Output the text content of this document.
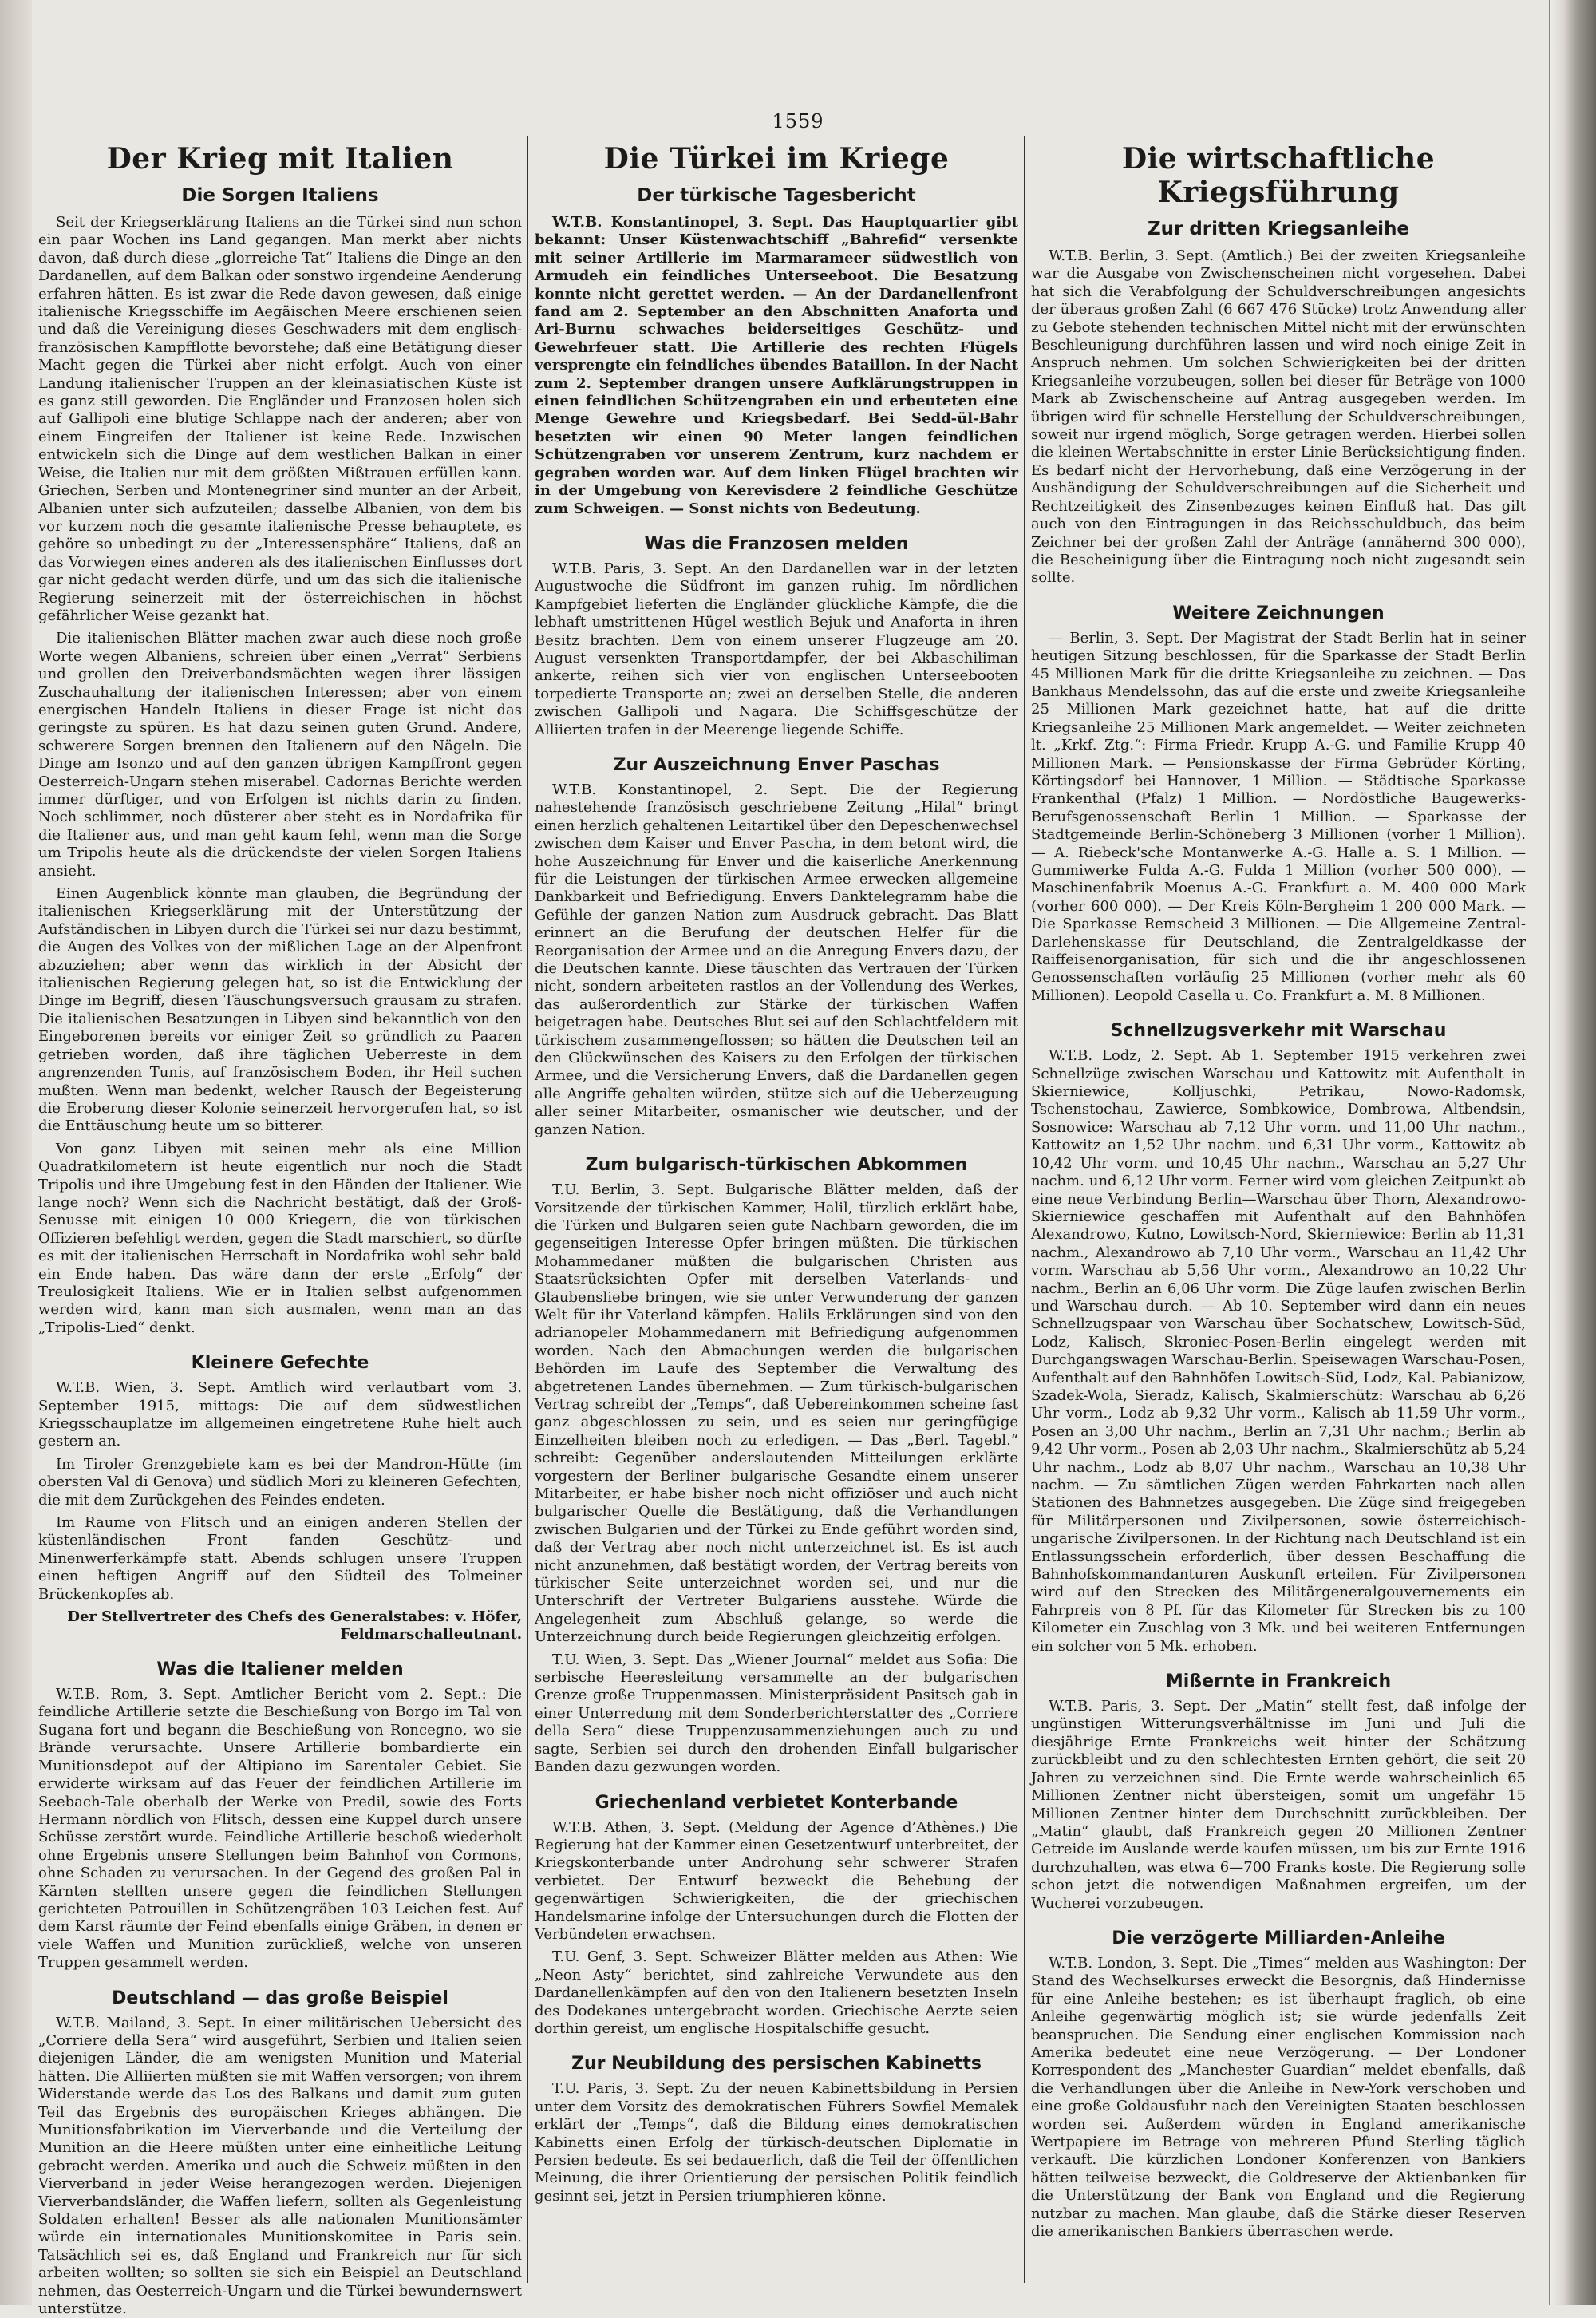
1559
Der Krieg mit Italien
Die Sorgen Italiens

Seit der Kriegserklärung Italiens an die Türkei sind nun schon ein paar Wochen ins Land gegangen. Man merkt aber nichts davon, daß durch diese „glorreiche Tat“ Italiens die Dinge an den Dardanellen, auf dem Balkan oder sonstwo irgendeine Aenderung erfahren hätten. Es ist zwar die Rede davon gewesen, daß einige italienische Kriegsschiffe im Aegäischen Meere erschienen seien und daß die Vereinigung dieses Geschwaders mit dem englisch-französischen Kampfflotte bevorstehe; daß eine Betätigung dieser Macht gegen die Türkei aber nicht erfolgt. Auch von einer Landung italienischer Truppen an der kleinasiatischen Küste ist es ganz still geworden. Die Engländer und Franzosen holen sich auf Gallipoli eine blutige Schlappe nach der anderen; aber von einem Eingreifen der Italiener ist keine Rede. Inzwischen entwickeln sich die Dinge auf dem westlichen Balkan in einer Weise, die Italien nur mit dem größten Mißtrauen erfüllen kann. Griechen, Serben und Montenegriner sind munter an der Arbeit, Albanien unter sich aufzuteilen; dasselbe Albanien, von dem bis vor kurzem noch die gesamte italienische Presse behauptete, es gehöre so unbedingt zu der „Interessensphäre“ Italiens, daß an das Vorwiegen eines anderen als des italienischen Einflusses dort gar nicht gedacht werden dürfe, und um das sich die italienische Regierung seinerzeit mit der österreichischen in höchst gefährlicher Weise gezankt hat.

Die italienischen Blätter machen zwar auch diese noch große Worte wegen Albaniens, schreien über einen „Verrat“ Serbiens und grollen den Dreiverbandsmächten wegen ihrer lässigen Zuschauhaltung der italienischen Interessen; aber von einem energischen Handeln Italiens in dieser Frage ist nicht das geringste zu spüren. Es hat dazu seinen guten Grund. Andere, schwerere Sorgen brennen den Italienern auf den Nägeln. Die Dinge am Isonzo und auf den ganzen übrigen Kampffront gegen Oesterreich-Ungarn stehen miserabel. Cadornas Berichte werden immer dürftiger, und von Erfolgen ist nichts darin zu finden. Noch schlimmer, noch düsterer aber steht es in Nordafrika für die Italiener aus, und man geht kaum fehl, wenn man die Sorge um Tripolis heute als die drückendste der vielen Sorgen Italiens ansieht.

Einen Augenblick könnte man glauben, die Begründung der italienischen Kriegserklärung mit der Unterstützung der Aufständischen in Libyen durch die Türkei sei nur dazu bestimmt, die Augen des Volkes von der mißlichen Lage an der Alpenfront abzuziehen; aber wenn das wirklich in der Absicht der italienischen Regierung gelegen hat, so ist die Entwicklung der Dinge im Begriff, diesen Täuschungsversuch grausam zu strafen. Die italienischen Besatzungen in Libyen sind bekanntlich von den Eingeborenen bereits vor einiger Zeit so gründlich zu Paaren getrieben worden, daß ihre täglichen Ueberreste in dem angrenzenden Tunis, auf französischem Boden, ihr Heil suchen mußten. Wenn man bedenkt, welcher Rausch der Begeisterung die Eroberung dieser Kolonie seinerzeit hervorgerufen hat, so ist die Enttäuschung heute um so bitterer.

Von ganz Libyen mit seinen mehr als eine Million Quadratkilometern ist heute eigentlich nur noch die Stadt Tripolis und ihre Umgebung fest in den Händen der Italiener. Wie lange noch? Wenn sich die Nachricht bestätigt, daß der Groß-Senusse mit einigen 10 000 Kriegern, die von türkischen Offizieren befehligt werden, gegen die Stadt marschiert, so dürfte es mit der italienischen Herrschaft in Nordafrika wohl sehr bald ein Ende haben. Das wäre dann der erste „Erfolg“ der Treulosigkeit Italiens. Wie er in Italien selbst aufgenommen werden wird, kann man sich ausmalen, wenn man an das „Tripolis-Lied“ denkt.

Kleinere Gefechte

W.T.B. Wien, 3. Sept. Amtlich wird verlautbart vom 3. September 1915, mittags: Die auf dem südwestlichen Kriegsschauplatze im allgemeinen eingetretene Ruhe hielt auch gestern an.

Im Tiroler Grenzgebiete kam es bei der Mandron-Hütte (im obersten Val di Genova) und südlich Mori zu kleineren Gefechten, die mit dem Zurückgehen des Feindes endeten.

Im Raume von Flitsch und an einigen anderen Stellen der küstenländischen Front fanden Geschütz- und Minenwerferkämpfe statt. Abends schlugen unsere Truppen einen heftigen Angriff auf den Südteil des Tolmeiner Brückenkopfes ab.

Der Stellvertreter des Chefs des Generalstabes: v. Höfer, Feldmarschalleutnant.
Was die Italiener melden

W.T.B. Rom, 3. Sept. Amtlicher Bericht vom 2. Sept.: Die feindliche Artillerie setzte die Beschießung von Borgo im Tal von Sugana fort und begann die Beschießung von Roncegno, wo sie Brände verursachte. Unsere Artillerie bombardierte ein Munitionsdepot auf der Altipiano im Sarentaler Gebiet. Sie erwiderte wirksam auf das Feuer der feindlichen Artillerie im Seebach-Tale oberhalb der Werke von Predil, sowie des Forts Hermann nördlich von Flitsch, dessen eine Kuppel durch unsere Schüsse zerstört wurde. Feindliche Artillerie beschoß wiederholt ohne Ergebnis unsere Stellungen beim Bahnhof von Cormons, ohne Schaden zu verursachen. In der Gegend des großen Pal in Kärnten stellten unsere gegen die feindlichen Stellungen gerichteten Patrouillen in Schützengräben 103 Leichen fest. Auf dem Karst räumte der Feind ebenfalls einige Gräben, in denen er viele Waffen und Munition zurückließ, welche von unseren Truppen gesammelt werden.

Deutschland — das große Beispiel

W.T.B. Mailand, 3. Sept. In einer militärischen Uebersicht des „Corriere della Sera“ wird ausgeführt, Serbien und Italien seien diejenigen Länder, die am wenigsten Munition und Material hätten. Die Alliierten müßten sie mit Waffen versorgen; von ihrem Widerstande werde das Los des Balkans und damit zum guten Teil das Ergebnis des europäischen Krieges abhängen. Die Munitionsfabrikation im Vierverbande und die Verteilung der Munition an die Heere müßten unter eine einheitliche Leitung gebracht werden. Amerika und auch die Schweiz müßten in den Vierverband in jeder Weise herangezogen werden. Diejenigen Vierverbandsländer, die Waffen liefern, sollten als Gegenleistung Soldaten erhalten! Besser als alle nationalen Munitionsämter würde ein internationales Munitionskomitee in Paris sein. Tatsächlich sei es, daß England und Frankreich nur für sich arbeiten wollten; so sollten sie sich ein Beispiel an Deutschland nehmen, das Oesterreich-Ungarn und die Türkei bewundernswert unterstütze.

Die Türkei im Kriege
Der türkische Tagesbericht

W.T.B. Konstantinopel, 3. Sept. Das Hauptquartier gibt bekannt: Unser Küstenwachtschiff „Bahrefid“ versenkte mit seiner Artillerie im Marmarameer südwestlich von Armudeh ein feindliches Unterseeboot. Die Besatzung konnte nicht gerettet werden. — An der Dardanellenfront fand am 2. September an den Abschnitten Anaforta und Ari-Burnu schwaches beiderseitiges Geschütz- und Gewehrfeuer statt. Die Artillerie des rechten Flügels versprengte ein feindliches übendes Bataillon. In der Nacht zum 2. September drangen unsere Aufklärungstruppen in einen feindlichen Schützengraben ein und erbeuteten eine Menge Gewehre und Kriegsbedarf. Bei Sedd-ül-Bahr besetzten wir einen 90 Meter langen feindlichen Schützengraben vor unserem Zentrum, kurz nachdem er gegraben worden war. Auf dem linken Flügel brachten wir in der Umgebung von Kerevisdere 2 feindliche Geschütze zum Schweigen. — Sonst nichts von Bedeutung.

Was die Franzosen melden

W.T.B. Paris, 3. Sept. An den Dardanellen war in der letzten Augustwoche die Südfront im ganzen ruhig. Im nördlichen Kampfgebiet lieferten die Engländer glückliche Kämpfe, die die lebhaft umstrittenen Hügel westlich Bejuk und Anaforta in ihren Besitz brachten. Dem von einem unserer Flugzeuge am 20. August versenkten Transportdampfer, der bei Akbaschiliman ankerte, reihen sich vier von englischen Unterseebooten torpedierte Transporte an; zwei an derselben Stelle, die anderen zwischen Gallipoli und Nagara. Die Schiffsgeschütze der Alliierten trafen in der Meerenge liegende Schiffe.

Zur Auszeichnung Enver Paschas

W.T.B. Konstantinopel, 2. Sept. Die der Regierung nahestehende französisch geschriebene Zeitung „Hilal“ bringt einen herzlich gehaltenen Leitartikel über den Depeschenwechsel zwischen dem Kaiser und Enver Pascha, in dem betont wird, die hohe Auszeichnung für Enver und die kaiserliche Anerkennung für die Leistungen der türkischen Armee erwecken allgemeine Dankbarkeit und Befriedigung. Envers Danktelegramm habe die Gefühle der ganzen Nation zum Ausdruck gebracht. Das Blatt erinnert an die Berufung der deutschen Helfer für die Reorganisation der Armee und an die Anregung Envers dazu, der die Deutschen kannte. Diese täuschten das Vertrauen der Türken nicht, sondern arbeiteten rastlos an der Vollendung des Werkes, das außerordentlich zur Stärke der türkischen Waffen beigetragen habe. Deutsches Blut sei auf den Schlachtfeldern mit türkischem zusammengeflossen; so hätten die Deutschen teil an den Glückwünschen des Kaisers zu den Erfolgen der türkischen Armee, und die Versicherung Envers, daß die Dardanellen gegen alle Angriffe gehalten würden, stütze sich auf die Ueberzeugung aller seiner Mitarbeiter, osmanischer wie deutscher, und der ganzen Nation.

Zum bulgarisch-türkischen Abkommen

T.U. Berlin, 3. Sept. Bulgarische Blätter melden, daß der Vorsitzende der türkischen Kammer, Halil, türzlich erklärt habe, die Türken und Bulgaren seien gute Nachbarn geworden, die im gegenseitigen Interesse Opfer bringen müßten. Die türkischen Mohammedaner müßten die bulgarischen Christen aus Staatsrücksichten Opfer mit derselben Vaterlands- und Glaubensliebe bringen, wie sie unter Verwunderung der ganzen Welt für ihr Vaterland kämpfen. Halils Erklärungen sind von den adrianopeler Mohammedanern mit Befriedigung aufgenommen worden. Nach den Abmachungen werden die bulgarischen Behörden im Laufe des September die Verwaltung des abgetretenen Landes übernehmen. — Zum türkisch-bulgarischen Vertrag schreibt der „Temps“, daß Uebereinkommen scheine fast ganz abgeschlossen zu sein, und es seien nur geringfügige Einzelheiten bleiben noch zu erledigen. — Das „Berl. Tagebl.“ schreibt: Gegenüber anderslautenden Mitteilungen erklärte vorgestern der Berliner bulgarische Gesandte einem unserer Mitarbeiter, er habe bisher noch nicht offiziöser und auch nicht bulgarischer Quelle die Bestätigung, daß die Verhandlungen zwischen Bulgarien und der Türkei zu Ende geführt worden sind, daß der Vertrag aber noch nicht unterzeichnet ist. Es ist auch nicht anzunehmen, daß bestätigt worden, der Vertrag bereits von türkischer Seite unterzeichnet worden sei, und nur die Unterschrift der Vertreter Bulgariens ausstehe. Würde die Angelegenheit zum Abschluß gelange, so werde die Unterzeichnung durch beide Regierungen gleichzeitig erfolgen.

T.U. Wien, 3. Sept. Das „Wiener Journal“ meldet aus Sofia: Die serbische Heeresleitung versammelte an der bulgarischen Grenze große Truppenmassen. Ministerpräsident Pasitsch gab in einer Unterredung mit dem Sonderberichterstatter des „Corriere della Sera“ diese Truppenzusammenziehungen auch zu und sagte, Serbien sei durch den drohenden Einfall bulgarischer Banden dazu gezwungen worden.

Griechenland verbietet Konterbande

W.T.B. Athen, 3. Sept. (Meldung der Agence d’Athènes.) Die Regierung hat der Kammer einen Gesetzentwurf unterbreitet, der Kriegskonterbande unter Androhung sehr schwerer Strafen verbietet. Der Entwurf bezweckt die Behebung der gegenwärtigen Schwierigkeiten, die der griechischen Handelsmarine infolge der Untersuchungen durch die Flotten der Verbündeten erwachsen.

T.U. Genf, 3. Sept. Schweizer Blätter melden aus Athen: Wie „Neon Asty“ berichtet, sind zahlreiche Verwundete aus den Dardanellenkämpfen auf den von den Italienern besetzten Inseln des Dodekanes untergebracht worden. Griechische Aerzte seien dorthin gereist, um englische Hospitalschiffe gesucht.

Zur Neubildung des persischen Kabinetts

T.U. Paris, 3. Sept. Zu der neuen Kabinettsbildung in Persien unter dem Vorsitz des demokratischen Führers Sowfiel Memalek erklärt der „Temps“, daß die Bildung eines demokratischen Kabinetts einen Erfolg der türkisch-deutschen Diplomatie in Persien bedeute. Es sei bedauerlich, daß die Teil der öffentlichen Meinung, die ihrer Orientierung der persischen Politik feindlich gesinnt sei, jetzt in Persien triumphieren könne.

Die wirtschaftliche Kriegsführung
Zur dritten Kriegsanleihe

W.T.B. Berlin, 3. Sept. (Amtlich.) Bei der zweiten Kriegsanleihe war die Ausgabe von Zwischenscheinen nicht vorgesehen. Dabei hat sich die Verabfolgung der Schuldverschreibungen angesichts der überaus großen Zahl (6 667 476 Stücke) trotz Anwendung aller zu Gebote stehenden technischen Mittel nicht mit der erwünschten Beschleunigung durchführen lassen und wird noch einige Zeit in Anspruch nehmen. Um solchen Schwierigkeiten bei der dritten Kriegsanleihe vorzubeugen, sollen bei dieser für Beträge von 1000 Mark ab Zwischenscheine auf Antrag ausgegeben werden. Im übrigen wird für schnelle Herstellung der Schuldverschreibungen, soweit nur irgend möglich, Sorge getragen werden. Hierbei sollen die kleinen Wertabschnitte in erster Linie Berücksichtigung finden. Es bedarf nicht der Hervorhebung, daß eine Verzögerung in der Aushändigung der Schuldverschreibungen auf die Sicherheit und Rechtzeitigkeit des Zinsenbezuges keinen Einfluß hat. Das gilt auch von den Eintragungen in das Reichsschuldbuch, das beim Zeichner bei der großen Zahl der Anträge (annähernd 300 000), die Bescheinigung über die Eintragung noch nicht zugesandt sein sollte.

Weitere Zeichnungen

— Berlin, 3. Sept. Der Magistrat der Stadt Berlin hat in seiner heutigen Sitzung beschlossen, für die Sparkasse der Stadt Berlin 45 Millionen Mark für die dritte Kriegsanleihe zu zeichnen. — Das Bankhaus Mendelssohn, das auf die erste und zweite Kriegsanleihe 25 Millionen Mark gezeichnet hatte, hat auf die dritte Kriegsanleihe 25 Millionen Mark angemeldet. — Weiter zeichneten lt. „Krkf. Ztg.“: Firma Friedr. Krupp A.-G. und Familie Krupp 40 Millionen Mark. — Pensionskasse der Firma Gebrüder Körting, Körtingsdorf bei Hannover, 1 Million. — Städtische Sparkasse Frankenthal (Pfalz) 1 Million. — Nordöstliche Baugewerks-Berufsgenossenschaft Berlin 1 Million. — Sparkasse der Stadtgemeinde Berlin-Schöneberg 3 Millionen (vorher 1 Million). — A. Riebeck'sche Montanwerke A.-G. Halle a. S. 1 Million. — Gummiwerke Fulda A.-G. Fulda 1 Million (vorher 500 000). — Maschinenfabrik Moenus A.-G. Frankfurt a. M. 400 000 Mark (vorher 600 000). — Der Kreis Köln-Bergheim 1 200 000 Mark. — Die Sparkasse Remscheid 3 Millionen. — Die Allgemeine Zentral-Darlehenskasse für Deutschland, die Zentralgeldkasse der Raiffeisenorganisation, für sich und die ihr angeschlossenen Genossenschaften vorläufig 25 Millionen (vorher mehr als 60 Millionen). Leopold Casella u. Co. Frankfurt a. M. 8 Millionen.

Schnellzugsverkehr mit Warschau

W.T.B. Lodz, 2. Sept. Ab 1. September 1915 verkehren zwei Schnellzüge zwischen Warschau und Kattowitz mit Aufenthalt in Skierniewice, Kolljuschki, Petrikau, Nowo-Radomsk, Tschenstochau, Zawierce, Sombkowice, Dombrowa, Altbendsin, Sosnowice: Warschau ab 7,12 Uhr vorm. und 11,00 Uhr nachm., Kattowitz an 1,52 Uhr nachm. und 6,31 Uhr vorm., Kattowitz ab 10,42 Uhr vorm. und 10,45 Uhr nachm., Warschau an 5,27 Uhr nachm. und 6,12 Uhr vorm. Ferner wird vom gleichen Zeitpunkt ab eine neue Verbindung Berlin—Warschau über Thorn, Alexandrowo-Skierniewice geschaffen mit Aufenthalt auf den Bahnhöfen Alexandrowo, Kutno, Lowitsch-Nord, Skierniewice: Berlin ab 11,31 nachm., Alexandrowo ab 7,10 Uhr vorm., Warschau an 11,42 Uhr vorm. Warschau ab 5,56 Uhr vorm., Alexandrowo an 10,22 Uhr nachm., Berlin an 6,06 Uhr vorm. Die Züge laufen zwischen Berlin und Warschau durch. — Ab 10. September wird dann ein neues Schnellzugspaar von Warschau über Sochatschew, Lowitsch-Süd, Lodz, Kalisch, Skroniec-Posen-Berlin eingelegt werden mit Durchgangswagen Warschau-Berlin. Speisewagen Warschau-Posen, Aufenthalt auf den Bahnhöfen Lowitsch-Süd, Lodz, Kal. Pabianizow, Szadek-Wola, Sieradz, Kalisch, Skalmierschütz: Warschau ab 6,26 Uhr vorm., Lodz ab 9,32 Uhr vorm., Kalisch ab 11,59 Uhr vorm., Posen an 3,00 Uhr nachm., Berlin an 7,31 Uhr nachm.; Berlin ab 9,42 Uhr vorm., Posen ab 2,03 Uhr nachm., Skalmierschütz ab 5,24 Uhr nachm., Lodz ab 8,07 Uhr nachm., Warschau an 10,38 Uhr nachm. — Zu sämtlichen Zügen werden Fahrkarten nach allen Stationen des Bahnnetzes ausgegeben. Die Züge sind freigegeben für Militärpersonen und Zivilpersonen, sowie österreichisch-ungarische Zivilpersonen. In der Richtung nach Deutschland ist ein Entlassungsschein erforderlich, über dessen Beschaffung die Bahnhofskommandanturen Auskunft erteilen. Für Zivilpersonen wird auf den Strecken des Militärgeneralgouvernements ein Fahrpreis von 8 Pf. für das Kilometer für Strecken bis zu 100 Kilometer ein Zuschlag von 3 Mk. und bei weiteren Entfernungen ein solcher von 5 Mk. erhoben.

Mißernte in Frankreich

W.T.B. Paris, 3. Sept. Der „Matin“ stellt fest, daß infolge der ungünstigen Witterungsverhältnisse im Juni und Juli die diesjährige Ernte Frankreichs weit hinter der Schätzung zurückbleibt und zu den schlechtesten Ernten gehört, die seit 20 Jahren zu verzeichnen sind. Die Ernte werde wahrscheinlich 65 Millionen Zentner nicht übersteigen, somit um ungefähr 15 Millionen Zentner hinter dem Durchschnitt zurückbleiben. Der „Matin“ glaubt, daß Frankreich gegen 20 Millionen Zentner Getreide im Auslande werde kaufen müssen, um bis zur Ernte 1916 durchzuhalten, was etwa 6—700 Franks koste. Die Regierung solle schon jetzt die notwendigen Maßnahmen ergreifen, um der Wucherei vorzubeugen.

Die verzögerte Milliarden-Anleihe

W.T.B. London, 3. Sept. Die „Times“ melden aus Washington: Der Stand des Wechselkurses erweckt die Besorgnis, daß Hindernisse für eine Anleihe bestehen; es ist überhaupt fraglich, ob eine Anleihe gegenwärtig möglich ist; sie würde jedenfalls Zeit beanspruchen. Die Sendung einer englischen Kommission nach Amerika bedeutet eine neue Verzögerung. — Der Londoner Korrespondent des „Manchester Guardian“ meldet ebenfalls, daß die Verhandlungen über die Anleihe in New-York verschoben und eine große Goldausfuhr nach den Vereinigten Staaten beschlossen worden sei. Außerdem würden in England amerikanische Wertpapiere im Betrage von mehreren Pfund Sterling täglich verkauft. Die kürzlichen Londoner Konferenzen von Bankiers hätten teilweise bezweckt, die Goldreserve der Aktienbanken für die Unterstützung der Bank von England und die Regierung nutzbar zu machen. Man glaube, daß die Stärke dieser Reserven die amerikanischen Bankiers überraschen werde.
